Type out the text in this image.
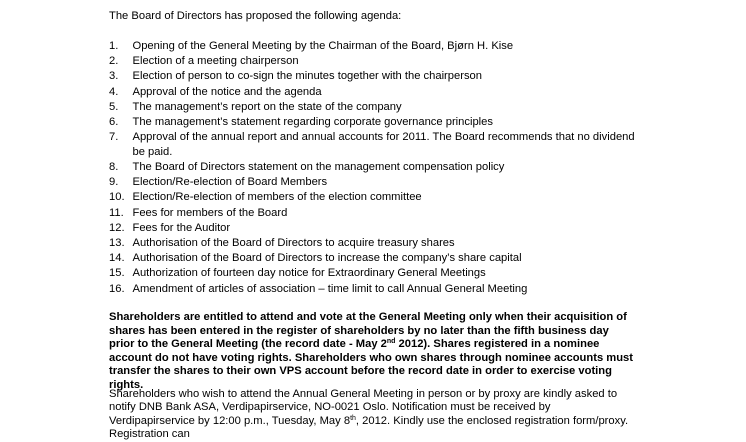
The Board of Directors has proposed the following agenda:
1. Opening of the General Meeting by the Chairman of the Board, Bjørn H. Kise
2. Election of a meeting chairperson
3. Election of person to co-sign the minutes together with the chairperson
4. Approval of the notice and the agenda
5. The management’s report on the state of the company
6. The management’s statement regarding corporate governance principles
7. Approval of the annual report and annual accounts for 2011. The Board recommends that no dividend be paid.
8. The Board of Directors statement on the management compensation policy
9. Election/Re-election of Board Members
10. Election/Re-election of members of the election committee
11. Fees for members of the Board
12. Fees for the Auditor
13. Authorisation of the Board of Directors to acquire treasury shares
14. Authorisation of the Board of Directors to increase the company’s share capital
15. Authorization of fourteen day notice for Extraordinary General Meetings
16. Amendment of articles of association – time limit to call Annual General Meeting

Shareholders are entitled to attend and vote at the General Meeting only when their acquisition of shares has been entered in the register of shareholders by no later than the fifth business day prior to the General Meeting (the record date - May 2nd 2012). Shares registered in a nominee account do not have voting rights. Shareholders who own shares through nominee accounts must transfer the shares to their own VPS account before the record date in order to exercise voting rights.

Shareholders who wish to attend the Annual General Meeting in person or by proxy are kindly asked to notify DNB Bank ASA, Verdipapirservice, NO-0021 Oslo. Notification must be received by Verdipapirservice by 12:00 p.m., Tuesday, May 8th, 2012. Kindly use the enclosed registration form/proxy. Registration can
